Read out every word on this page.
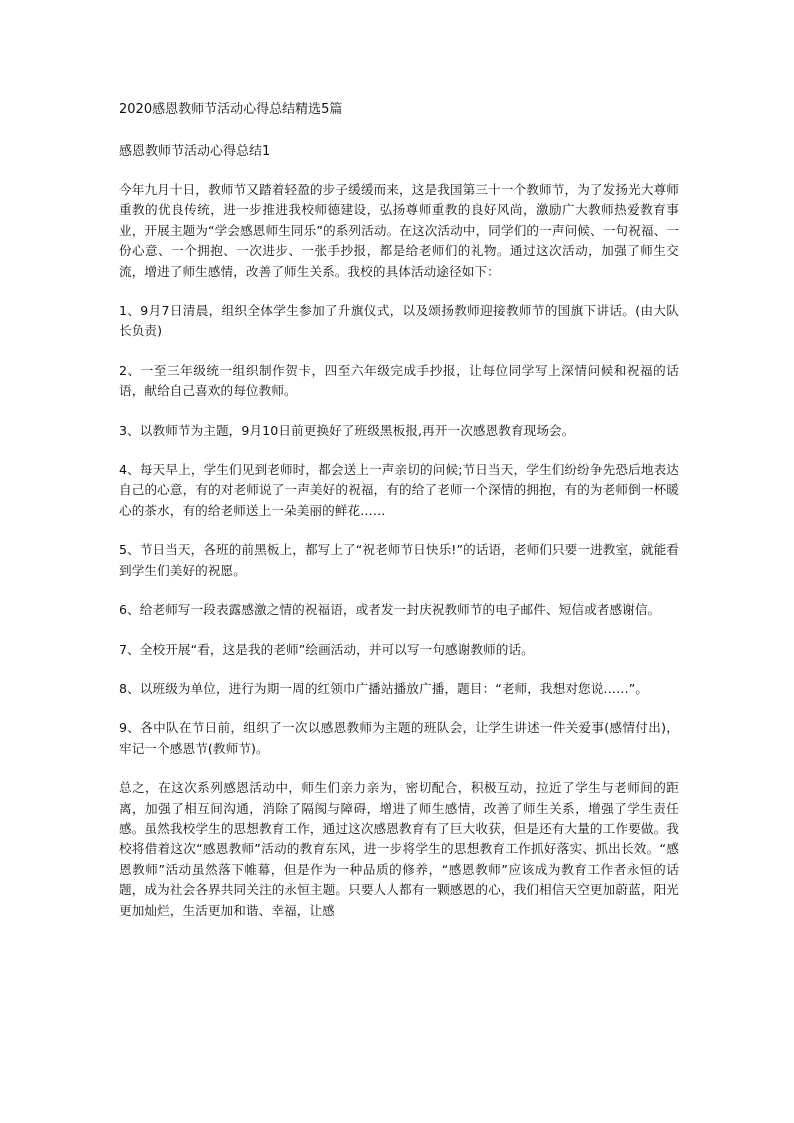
2020感恩教师节活动心得总结精选5篇
感恩教师节活动心得总结1

今年九月十日，教师节又踏着轻盈的步子缓缓而来，这是我国第三十一个教师节，为了发扬光大尊师重教的优良传统，进一步推进我校师德建设，弘扬尊师重教的良好风尚，激励广大教师热爱教育事业，开展主题为“学会感恩师生同乐”的系列活动。在这次活动中，同学们的一声问候、一句祝福、一份心意、一个拥抱、一次进步、一张手抄报，都是给老师们的礼物。通过这次活动，加强了师生交流，增进了师生感情，改善了师生关系。我校的具体活动途径如下：

1、9月7日清晨，组织全体学生参加了升旗仪式，以及颂扬教师迎接教师节的国旗下讲话。(由大队长负责)

2、一至三年级统一组织制作贺卡，四至六年级完成手抄报，让每位同学写上深情问候和祝福的话语，献给自己喜欢的每位教师。

3、以教师节为主题，9月10日前更换好了班级黑板报,再开一次感恩教育现场会。

4、每天早上，学生们见到老师时，都会送上一声亲切的问候;节日当天，学生们纷纷争先恐后地表达自己的心意，有的对老师说了一声美好的祝福，有的给了老师一个深情的拥抱，有的为老师倒一杯暖心的茶水，有的给老师送上一朵美丽的鲜花……

5、节日当天，各班的前黑板上，都写上了“祝老师节日快乐!”的话语，老师们只要一进教室，就能看到学生们美好的祝愿。

6、给老师写一段表露感激之情的祝福语，或者发一封庆祝教师节的电子邮件、短信或者感谢信。

7、全校开展“看，这是我的老师”绘画活动，并可以写一句感谢教师的话。

8、以班级为单位，进行为期一周的红领巾广播站播放广播，题目：“老师，我想对您说……”。

9、各中队在节日前，组织了一次以感恩教师为主题的班队会，让学生讲述一件关爱事(感情付出)，牢记一个感恩节(教师节)。

总之，在这次系列感恩活动中，师生们亲力亲为，密切配合，积极互动，拉近了学生与老师间的距离，加强了相互间沟通，消除了隔阂与障碍，增进了师生感情，改善了师生关系，增强了学生责任感。虽然我校学生的思想教育工作，通过这次感恩教育有了巨大收获，但是还有大量的工作要做。我校将借着这次“感恩教师”活动的教育东风，进一步将学生的思想教育工作抓好落实、抓出长效。“感恩教师”活动虽然落下帷幕，但是作为一种品质的修养，“感恩教师”应该成为教育工作者永恒的话题，成为社会各界共同关注的永恒主题。只要人人都有一颗感恩的心，我们相信天空更加蔚蓝，阳光更加灿烂，生活更加和谐、幸福，让感
